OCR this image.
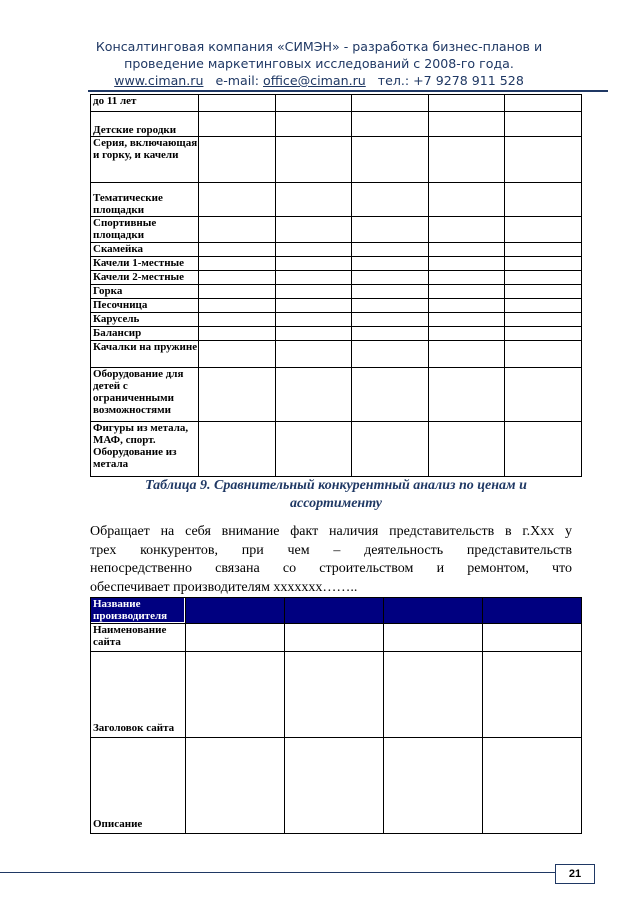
Консалтинговая компания «СИМЭН» - разработка бизнес-планов и
проведение маркетинговых исследований с 2008-го года.
www.ciman.ru e-mail: office@ciman.ru тел.: +7 9278 911 528
до 11 лет					
Детские городки					
Серия, включающая и горку, и качели					
Тематические площадки					
Спортивные площадки					
Скамейка					
Качели 1-местные					
Качели 2-местные					
Горка					
Песочница					
Карусель					
Балансир					
Качалки на пружине					
Оборудование для детей с ограниченными возможностями					
Фигуры из метала, МАФ, спорт. Оборудование из метала					
Таблица 9. Сравнительный конкурентный анализ по ценам и
ассортименту
Обращает на себя внимание факт наличия представительств в г.Ххх у
трех конкурентов, при чем – деятельность представительств
непосредственно связана со строительством и ремонтом, что
обеспечивает производителям ххххххх……..
Название производителя				

Наименование сайта				
Заголовок сайта				
Описание				
21
